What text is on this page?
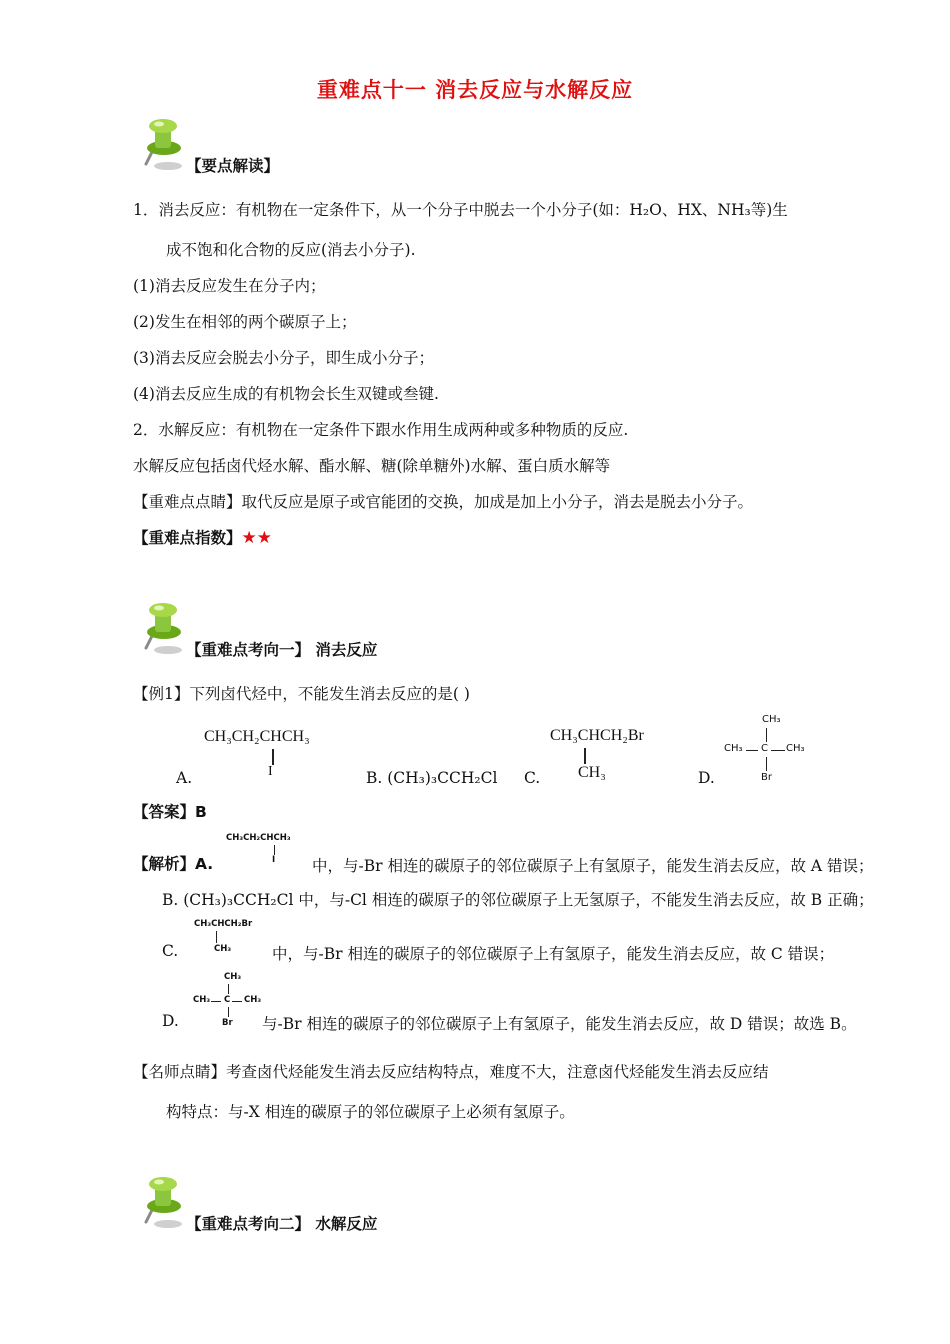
重难点十一 消去反应与水解反应
【要点解读】
1．消去反应：有机物在一定条件下，从一个分子中脱去一个小分子(如：H₂O、HX、NH₃等)生
成不饱和化合物的反应(消去小分子).
(1)消去反应发生在分子内；
(2)发生在相邻的两个碳原子上；
(3)消去反应会脱去小分子，即生成小分子；
(4)消去反应生成的有机物会长生双键或叁键.
2．水解反应：有机物在一定条件下跟水作用生成两种或多种物质的反应.
水解反应包括卤代烃水解、酯水解、糖(除单糖外)水解、蛋白质水解等
【重难点点睛】取代反应是原子或官能团的交换，加成是加上小分子，消去是脱去小分子。
【重难点指数】★★
【重难点考向一】 消去反应
【例1】下列卤代烃中，不能发生消去反应的是( )
A.
CH₃CH₂CHCH₃
I	B. (CH₃)₃CCH₂Cl C.
CH₃CHCH₂Br
CH₃	D.
CH₃
CH₃ C CH₃
Br
【答案】B
【解析】A.
CH₃CH₂CHCH₃
I 中，与-Br 相连的碳原子的邻位碳原子上有氢原子，能发生消去反应，故 A 错误；
B. (CH₃)₃CCH₂Cl 中，与-Cl 相连的碳原子的邻位碳原子上无氢原子，不能发生消去反应，故 B 正确；
C.
CH₃CHCH₂Br
CH₃	中，与-Br 相连的碳原子的邻位碳原子上有氢原子，能发生消去反应，故 C 错误；
D.
CH₃
CH₃ C CH₃
Br 与-Br 相连的碳原子的邻位碳原子上有氢原子，能发生消去反应，故 D 错误；故选 B。
【名师点睛】考查卤代烃能发生消去反应结构特点，难度不大，注意卤代烃能发生消去反应结
构特点：与-X 相连的碳原子的邻位碳原子上必须有氢原子。
【重难点考向二】 水解反应
